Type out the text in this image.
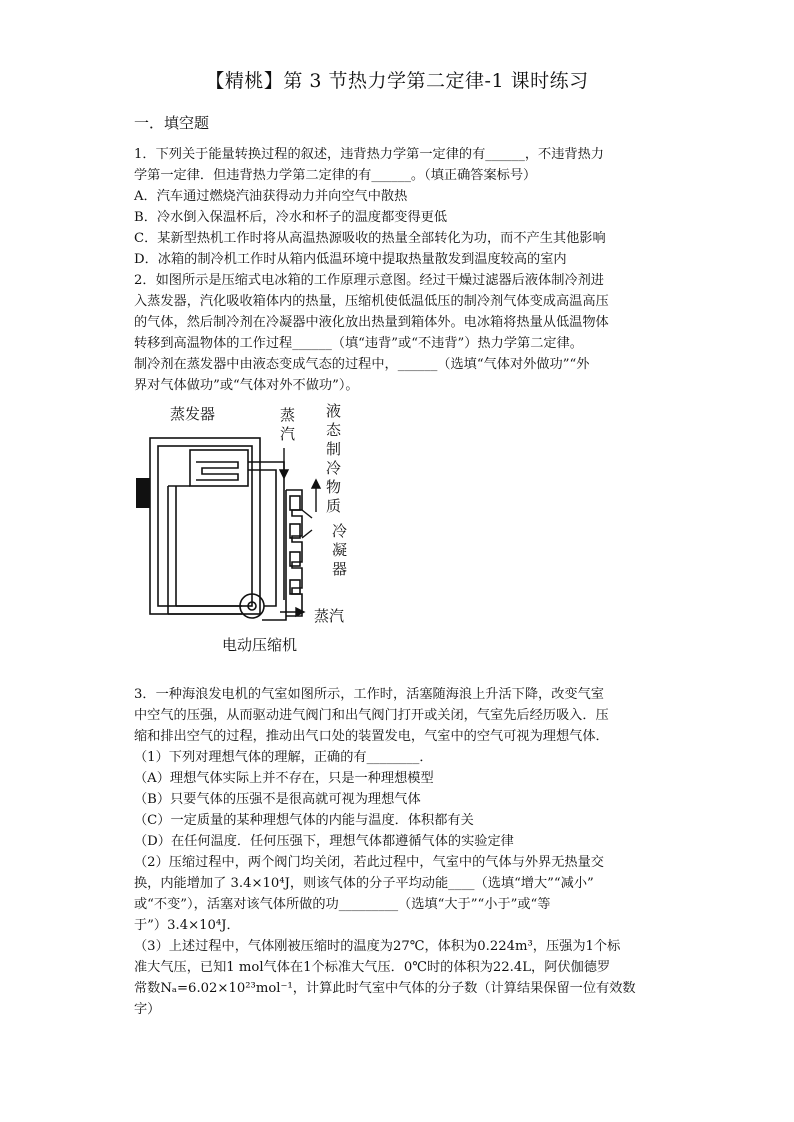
【精桃】第 3 节热力学第二定律-1 课时练习
一．填空题

1．下列关于能量转换过程的叙述，违背热力学第一定律的有______，不违背热力

学第一定律．但违背热力学第二定律的有______。（填正确答案标号）

A．汽车通过燃烧汽油获得动力并向空气中散热

B．冷水倒入保温杯后，冷水和杯子的温度都变得更低

C．某新型热机工作时将从高温热源吸收的热量全部转化为功，而不产生其他影响

D．冰箱的制冷机工作时从箱内低温环境中提取热量散发到温度较高的室内

2．如图所示是压缩式电冰箱的工作原理示意图。经过干燥过滤器后液体制冷剂进

入蒸发器，汽化吸收箱体内的热量，压缩机使低温低压的制冷剂气体变成高温高压

的气体，然后制冷剂在冷凝器中液化放出热量到箱体外。电冰箱将热量从低温物体

转移到高温物体的工作过程______（填“违背”或“不违背”）热力学第二定律。

制冷剂在蒸发器中由液态变成气态的过程中，______（选填“气体对外做功”“外

界对气体做功”或“气体对外不做功”）。

蒸发器	蒸汽
液态制冷物质
冷凝器
蒸汽
电动压缩机

3．一种海浪发电机的气室如图所示，工作时，活塞随海浪上升活下降，改变气室

中空气的压强，从而驱动进气阀门和出气阀门打开或关闭，气室先后经历吸入．压

缩和排出空气的过程，推动出气口处的装置发电，气室中的空气可视为理想气体．

（1）下列对理想气体的理解，正确的有________．

（A）理想气体实际上并不存在，只是一种理想模型

（B）只要气体的压强不是很高就可视为理想气体

（C）一定质量的某种理想气体的内能与温度．体积都有关

（D）在任何温度．任何压强下，理想气体都遵循气体的实验定律

（2）压缩过程中，两个阀门均关闭，若此过程中，气室中的气体与外界无热量交

换，内能增加了 3.4×10⁴J，则该气体的分子平均动能____（选填“增大”“减小”

或“不变”），活塞对该气体所做的功_________（选填“大于”“小于”或“等

于”）3.4×10⁴J．

（3）上述过程中，气体刚被压缩时的温度为27℃，体积为0.224m³，压强为1个标

准大气压，已知1 mol气体在1个标准大气压．0℃时的体积为22.4L，阿伏伽德罗

常数Nₐ=6.02×10²³mol⁻¹，计算此时气室中气体的分子数（计算结果保留一位有效数

字）
